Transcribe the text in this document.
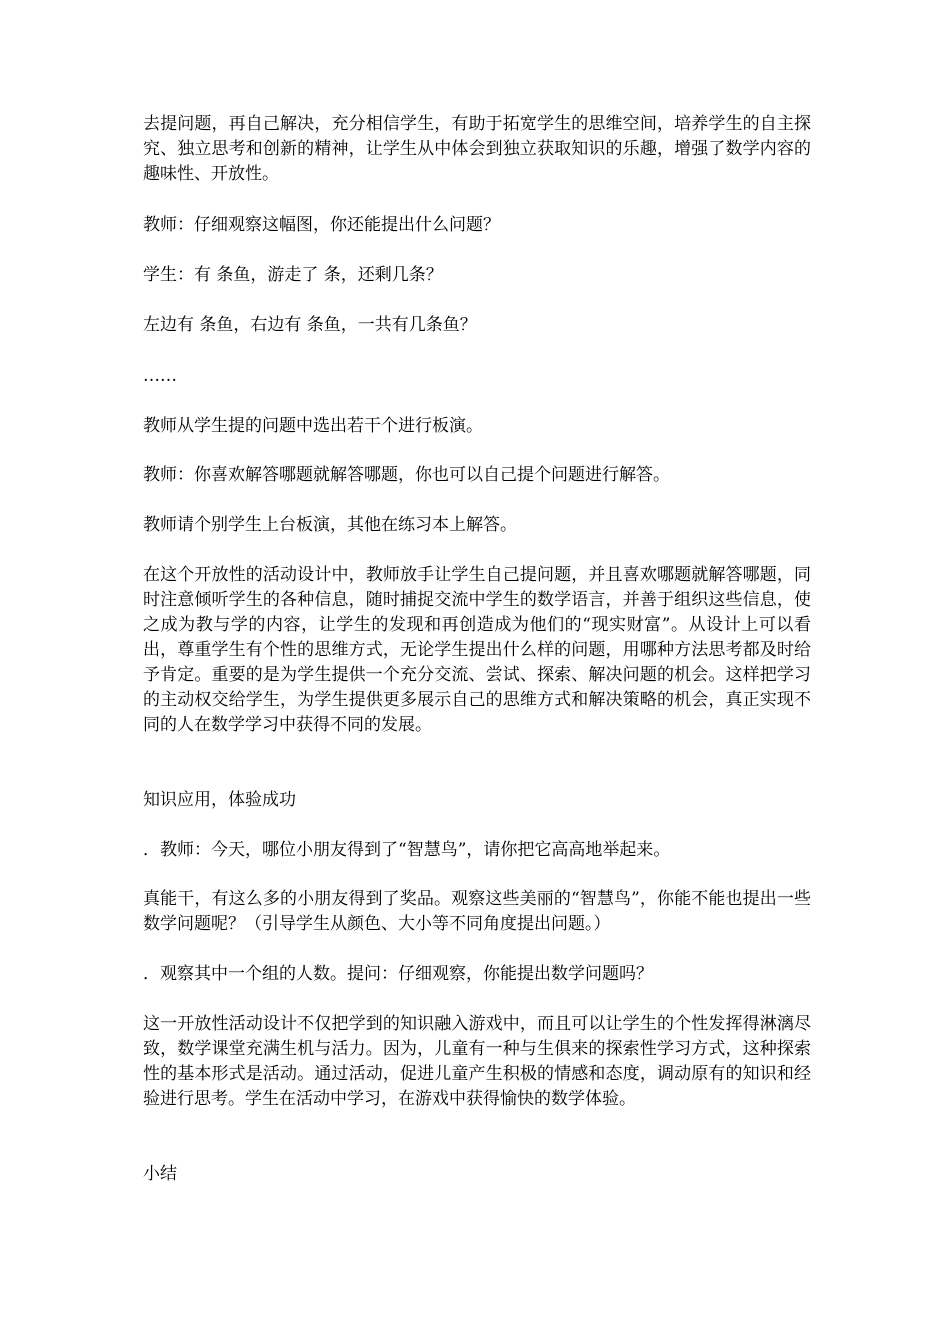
去提问题，再自己解决，充分相信学生，有助于拓宽学生的思维空间，培养学生的自主探究、独立思考和创新的精神，让学生从中体会到独立获取知识的乐趣，增强了数学内容的趣味性、开放性。

教师：仔细观察这幅图，你还能提出什么问题？

学生：有 条鱼，游走了 条，还剩几条？

左边有 条鱼，右边有 条鱼，一共有几条鱼？

……

教师从学生提的问题中选出若干个进行板演。

教师：你喜欢解答哪题就解答哪题，你也可以自己提个问题进行解答。

教师请个别学生上台板演，其他在练习本上解答。

在这个开放性的活动设计中，教师放手让学生自己提问题，并且喜欢哪题就解答哪题，同时注意倾听学生的各种信息，随时捕捉交流中学生的数学语言，并善于组织这些信息，使之成为教与学的内容，让学生的发现和再创造成为他们的“现实财富”。从设计上可以看出，尊重学生有个性的思维方式，无论学生提出什么样的问题，用哪种方法思考都及时给予肯定。重要的是为学生提供一个充分交流、尝试、探索、解决问题的机会。这样把学习的主动权交给学生，为学生提供更多展示自己的思维方式和解决策略的机会，真正实现不同的人在数学学习中获得不同的发展。

知识应用，体验成功

．教师：今天，哪位小朋友得到了“智慧鸟”，请你把它高高地举起来。

真能干，有这么多的小朋友得到了奖品。观察这些美丽的“智慧鸟”，你能不能也提出一些数学问题呢？（引导学生从颜色、大小等不同角度提出问题。）

．观察其中一个组的人数。提问：仔细观察，你能提出数学问题吗？

这一开放性活动设计不仅把学到的知识融入游戏中，而且可以让学生的个性发挥得淋漓尽致，数学课堂充满生机与活力。因为，儿童有一种与生俱来的探索性学习方式，这种探索性的基本形式是活动。通过活动，促进儿童产生积极的情感和态度，调动原有的知识和经验进行思考。学生在活动中学习，在游戏中获得愉快的数学体验。

小结
